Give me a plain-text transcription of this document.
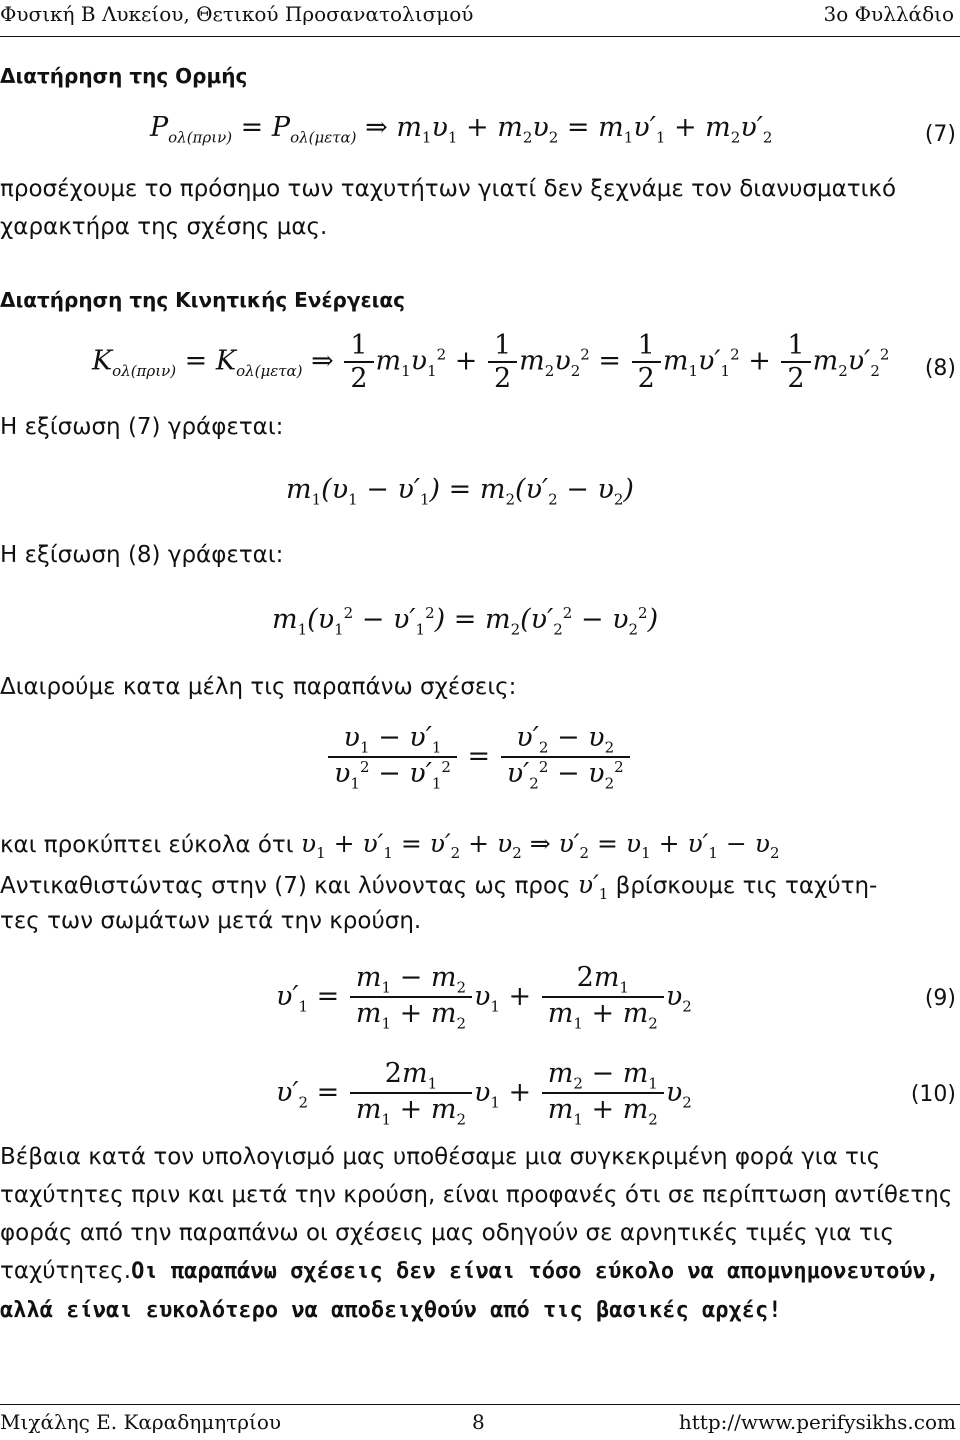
Φυσική Β Λυκείου, Θετικού Προσανατολισμού	3ο Φυλλάδιο
Διατήρηση της Ορμής
$P_{o\lambda(\pi\rho\iota\nu)} = P_{o\lambda(\mu\varepsilon\tau\alpha)}$ ⇒ $m_1\upsilon_1 + m_2\upsilon_2 = m_1\upsilon'_1 + m_2\upsilon'_2$	(7)
προσέχουμε το πρόσημο των ταχυτήτων γιατί δεν ξεχνάμε τον διανυσματικό χαρακτήρα της σχέσης μας.
Διατήρηση της Κινητικής Ενέργειας
$K_{o\lambda(\pi\rho\iota\nu)} = K_{o\lambda(\mu\varepsilon\tau\alpha)}$ ⇒ $\frac{1}{2} m_1\upsilon_1^2 + \frac{1}{2} m_2\upsilon_2^2 = \frac{1}{2} m_1\upsilon'_1^2 + \frac{1}{2} m_2\upsilon'_2^2$
(8)
Η εξίσωση (7) γράφεται:
$m_1(\upsilon_1 - \upsilon'_1) = m_2(\upsilon'_2 - \upsilon_2)$
Η εξίσωση (8) γράφεται:
$m_1(\upsilon_1^2 - \upsilon'_1^2) = m_2(\upsilon'_2^2 - \upsilon_2^2)$
Διαιρούμε κατα μέλη τις παραπάνω σχέσεις:
$\frac{\upsilon_1 - \upsilon'_1}{\upsilon_1^2 - \upsilon'_1^2} = \frac{\upsilon'_2 - \upsilon_2}{\upsilon'_2^2 - \upsilon_2^2}$
και προκύπτει εύκολα ότι $\upsilon_1 + \upsilon'_1 = \upsilon'_2 + \upsilon_2$ ⇒ $\upsilon'_2 = \upsilon_1 + \upsilon'_1 - \upsilon_2$
Αντικαθιστώντας στην (7) και λύνοντας ως προς $\upsilon'_1$ βρίσκουμε τις ταχύτη-
τες των σωμάτων μετά την κρούση.
$\upsilon'_1 = \frac{m_1 - m_2}{m_1 + m_2} \upsilon_1 + \frac{2m_1}{m_1 + m_2} \upsilon_2$	(9)
$\upsilon'_2 = \frac{2m_1}{m_1 + m_2} \upsilon_1 + \frac{m_2 - m_1}{m_1 + m_2} \upsilon_2$	(10)
Βέβαια κατά τον υπολογισμό μας υποθέσαμε μια συγκεκριμένη φορά για τις ταχύτητες πριν και μετά την κρούση, είναι προφανές ότι σε περίπτωση αντίθετης φοράς από την παραπάνω οι σχέσεις μας οδηγούν σε αρνητικές τιμές για τις ταχύτητες.Οι παραπάνω σχέσεις δεν είναι τόσο εύκολο να απομνημονευτούν, αλλά είναι ευκολότερο να αποδειχθούν από τις βασικές αρχές!
Μιχάλης Ε. Καραδημητρίου	8	http://www.perifysikhs.com
